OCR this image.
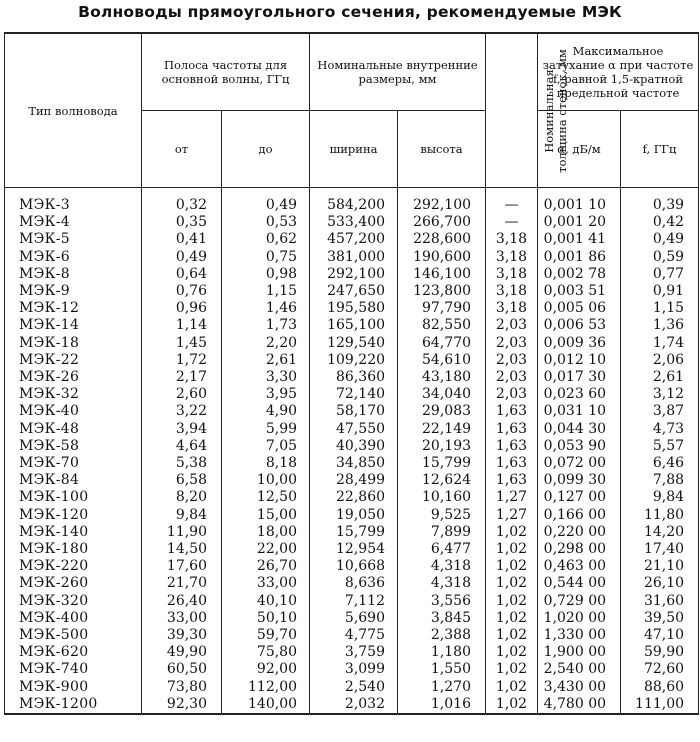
Волноводы прямоугольного сечения, рекомендуемые МЭК
Тип волновода	Полоса частоты для основной волны, ГГц		Номинальные внутренние размеры, мм		Номинальная толщина стенок, мм	Максимальное затухание α при частоте f, равной 1,5-кратной предельной частоте	
	от	до	ширина	высота		α, дБ/м	f, ГГц
МЭК-3	0,32	0,49	584,200	292,100	—	0,001 10	0,39
МЭК-4	0,35	0,53	533,400	266,700	—	0,001 20	0,42
МЭК-5	0,41	0,62	457,200	228,600	3,18	0,001 41	0,49
МЭК-6	0,49	0,75	381,000	190,600	3,18	0,001 86	0,59
МЭК-8	0,64	0,98	292,100	146,100	3,18	0,002 78	0,77
МЭК-9	0,76	1,15	247,650	123,800	3,18	0,003 51	0,91
МЭК-12	0,96	1,46	195,580	97,790	3,18	0,005 06	1,15
МЭК-14	1,14	1,73	165,100	82,550	2,03	0,006 53	1,36
МЭК-18	1,45	2,20	129,540	64,770	2,03	0,009 36	1,74
МЭК-22	1,72	2,61	109,220	54,610	2,03	0,012 10	2,06
МЭК-26	2,17	3,30	86,360	43,180	2,03	0,017 30	2,61
МЭК-32	2,60	3,95	72,140	34,040	2,03	0,023 60	3,12
МЭК-40	3,22	4,90	58,170	29,083	1,63	0,031 10	3,87
МЭК-48	3,94	5,99	47,550	22,149	1,63	0,044 30	4,73
МЭК-58	4,64	7,05	40,390	20,193	1,63	0,053 90	5,57
МЭК-70	5,38	8,18	34,850	15,799	1,63	0,072 00	6,46
МЭК-84	6,58	10,00	28,499	12,624	1,63	0,099 30	7,88
МЭК-100	8,20	12,50	22,860	10,160	1,27	0,127 00	9,84
МЭК-120	9,84	15,00	19,050	9,525	1,27	0,166 00	11,80
МЭК-140	11,90	18,00	15,799	7,899	1,02	0,220 00	14,20
МЭК-180	14,50	22,00	12,954	6,477	1,02	0,298 00	17,40
МЭК-220	17,60	26,70	10,668	4,318	1,02	0,463 00	21,10
МЭК-260	21,70	33,00	8,636	4,318	1,02	0,544 00	26,10
МЭК-320	26,40	40,10	7,112	3,556	1,02	0,729 00	31,60
МЭК-400	33,00	50,10	5,690	3,845	1,02	1,020 00	39,50
МЭК-500	39,30	59,70	4,775	2,388	1,02	1,330 00	47,10
МЭК-620	49,90	75,80	3,759	1,180	1,02	1,900 00	59,90
МЭК-740	60,50	92,00	3,099	1,550	1,02	2,540 00	72,60
МЭК-900	73,80	112,00	2,540	1,270	1,02	3,430 00	88,60
МЭК-1200	92,30	140,00	2,032	1,016	1,02	4,780 00	111,00
